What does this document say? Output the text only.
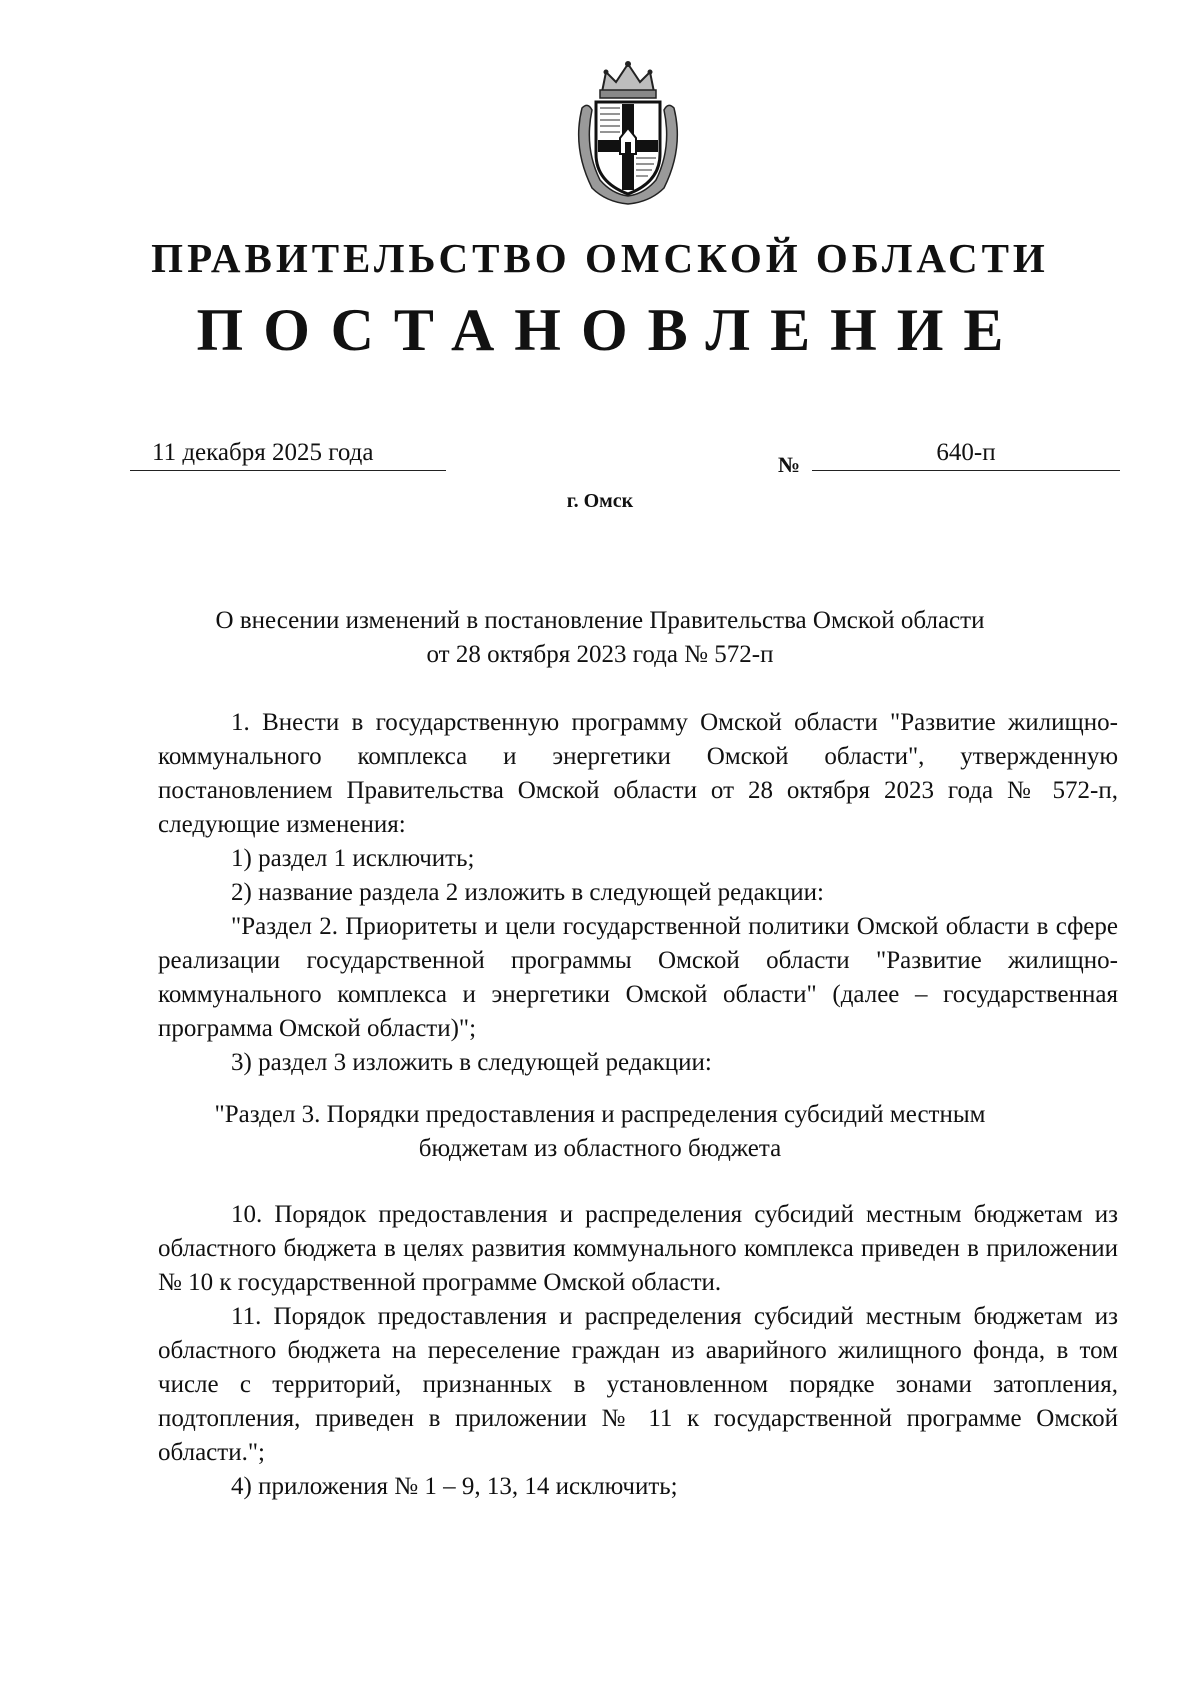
ПРАВИТЕЛЬСТВО ОМСКОЙ ОБЛАСТИ
ПОСТАНОВЛЕНИЕ
11 декабря 2025 года	№	640-п
г. Омск
О внесении изменений в постановление Правительства Омской области
от 28 октября 2023 года № 572-п

1. Внести в государственную программу Омской области "Развитие жилищно-коммунального комплекса и энергетики Омской области", утвержденную постановлением Правительства Омской области от 28 октября 2023 года № 572-п, следующие изменения:

1) раздел 1 исключить;

2) название раздела 2 изложить в следующей редакции:

"Раздел 2. Приоритеты и цели государственной политики Омской области в сфере реализации государственной программы Омской области "Развитие жилищно-коммунального комплекса и энергетики Омской области" (далее – государственная программа Омской области)";

3) раздел 3 изложить в следующей редакции:

"Раздел 3. Порядки предоставления и распределения субсидий местным
бюджетам из областного бюджета

10. Порядок предоставления и распределения субсидий местным бюджетам из областного бюджета в целях развития коммунального комплекса приведен в приложении № 10 к государственной программе Омской области.

11. Порядок предоставления и распределения субсидий местным бюджетам из областного бюджета на переселение граждан из аварийного жилищного фонда, в том числе с территорий, признанных в установленном порядке зонами затопления, подтопления, приведен в приложении № 11 к государственной программе Омской области.";

4) приложения № 1 – 9, 13, 14 исключить;
